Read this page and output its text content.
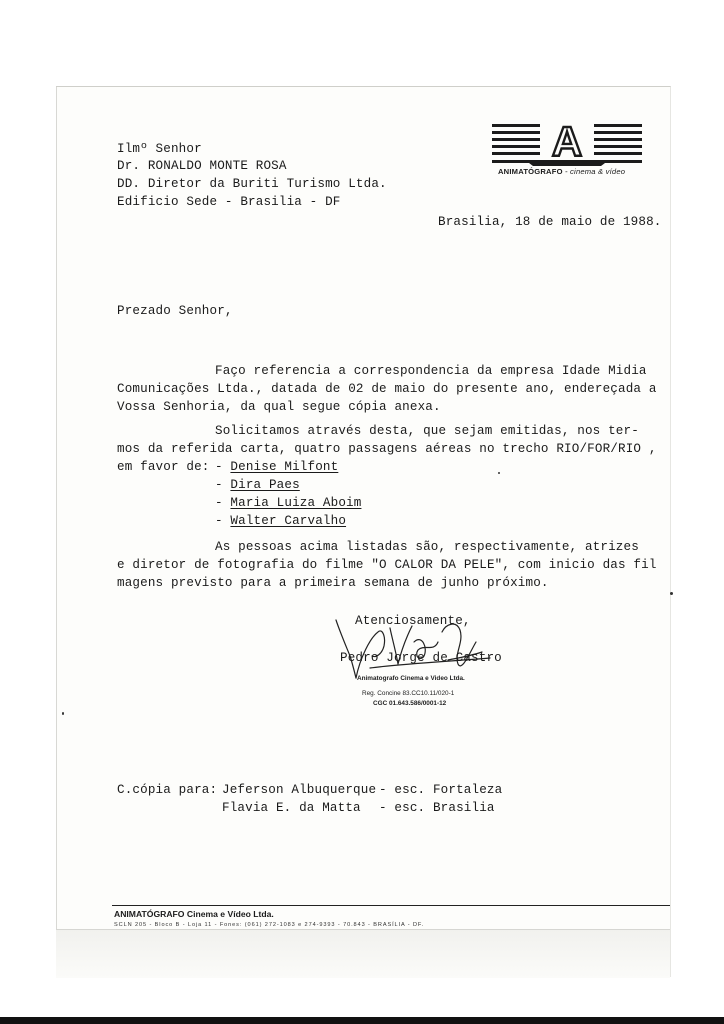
A
ANIMATÓGRAFO - cinema & vídeo
Ilmº Senhor
Dr. RONALDO MONTE ROSA
DD. Diretor da Buriti Turismo Ltda.
Edificio Sede - Brasilia - DF
Brasilia, 18 de maio de 1988.
Prezado Senhor,
Faço referencia a correspondencia da empresa Idade Midia
Comunicações Ltda., datada de 02 de maio do presente ano, endereçada a
Vossa Senhoria, da qual segue cópia anexa.
Solicitamos através desta, que sejam emitidas, nos ter-
mos da referida carta, quatro passagens aéreas no trecho RIO/FOR/RIO ,
em favor de: - Denise Milfont
- Dira Paes
- Maria Luiza Aboim
- Walter Carvalho
As pessoas acima listadas são, respectivamente, atrizes
e diretor de fotografia do filme "O CALOR DA PELE", com inicio das fil
magens previsto para a primeira semana de junho próximo.
Atenciosamente,
Pedro Jorge de Castro
Animatografo Cinema e Video Ltda.
Reg. Concine 83.CC10.11/020-1
CGC 01.643.586/0001-12
C.cópia para: Jeferson Albuquerque - esc. Fortaleza
Flavia E. da Matta - esc. Brasilia
ANIMATÓGRAFO Cinema e Vídeo Ltda.
SCLN 205 - Bloco B - Loja 11 - Fones: (061) 272-1083 e 274-9393 - 70.843 - BRASÍLIA - DF.
